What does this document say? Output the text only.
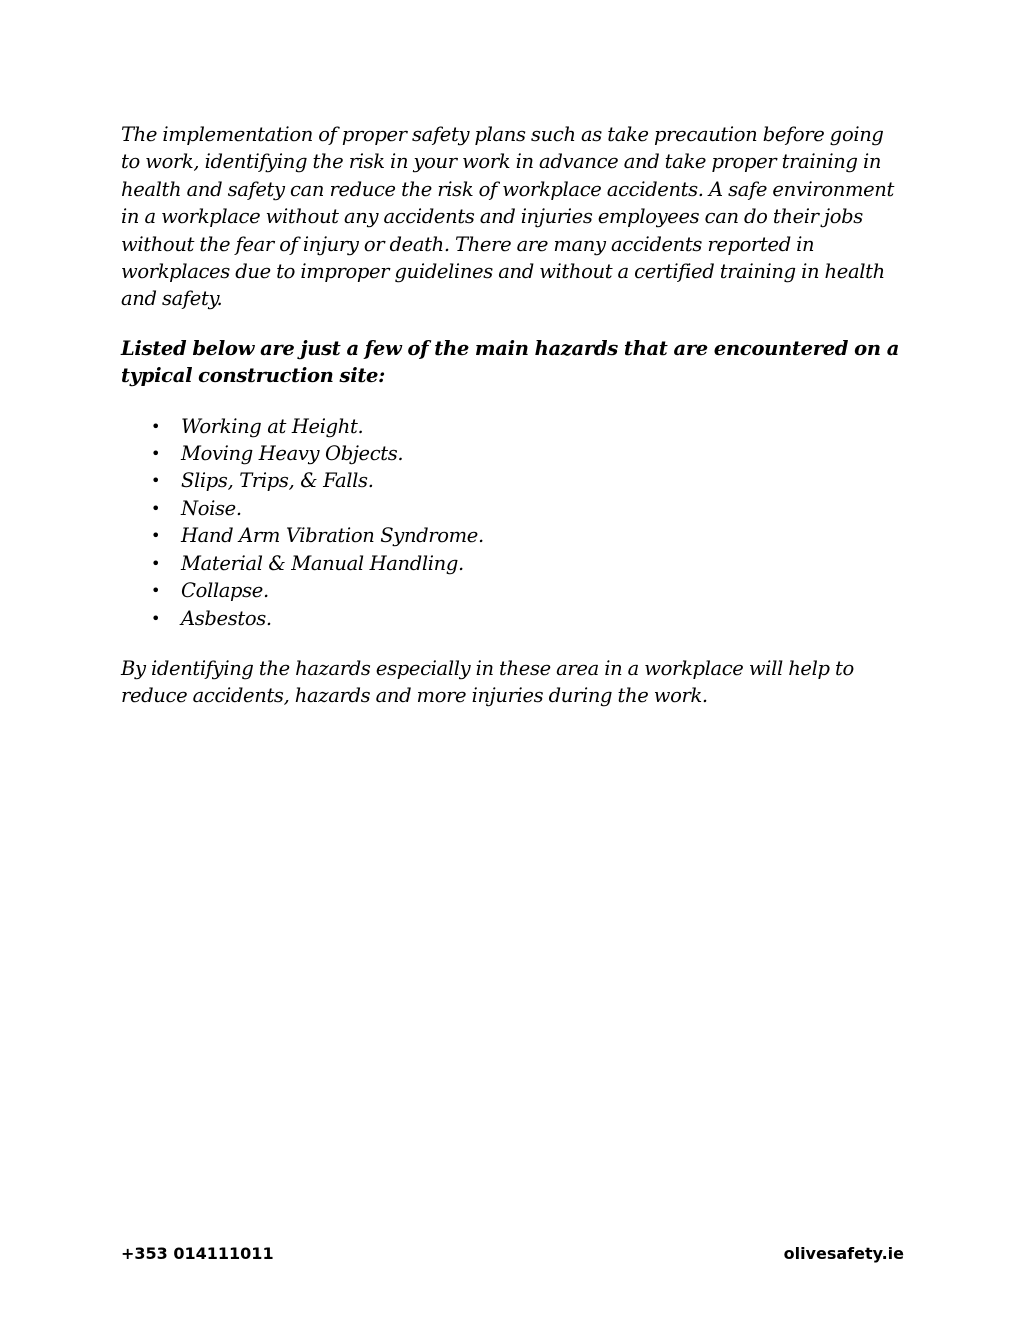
The implementation of proper safety plans such as take precaution before going
to work, identifying the risk in your work in advance and take proper training in
health and safety can reduce the risk of workplace accidents. A safe environment
in a workplace without any accidents and injuries employees can do their jobs
without the fear of injury or death. There are many accidents reported in
workplaces due to improper guidelines and without a certified training in health
and safety.

Listed below are just a few of the main hazards that are encountered on a
typical construction site:

• Working at Height.
• Moving Heavy Objects.
• Slips, Trips, & Falls.
• Noise.
• Hand Arm Vibration Syndrome.
• Material & Manual Handling.
• Collapse.
• Asbestos.

By identifying the hazards especially in these area in a workplace will help to
reduce accidents, hazards and more injuries during the work.

+353 014111011	olivesafety.ie
